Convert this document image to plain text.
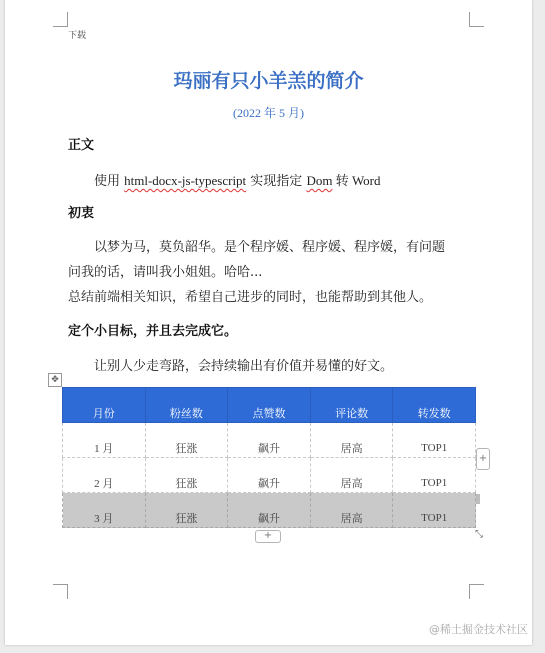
下载
玛丽有只小羊羔的简介
(2022 年 5 月)
正文
使用 html-docx-js-typescript 实现指定 Dom 转 Word
初衷
以梦为马，莫负韶华。是个程序媛、程序媛、程序媛，有问题
问我的话，请叫我小姐姐。哈哈...
总结前端相关知识，希望自己进步的同时，也能帮助到其他人。
定个小目标，并且去完成它。
让别人少走弯路，会持续输出有价值并易懂的好文。
✥
月份	粉丝数	点赞数	评论数	转发数
1 月	狂涨	飙升	居高	TOP1
2 月	狂涨	飙升	居高	TOP1
3 月	狂涨	飙升	居高	TOP1
+
+	⤡
@稀土掘金技术社区
